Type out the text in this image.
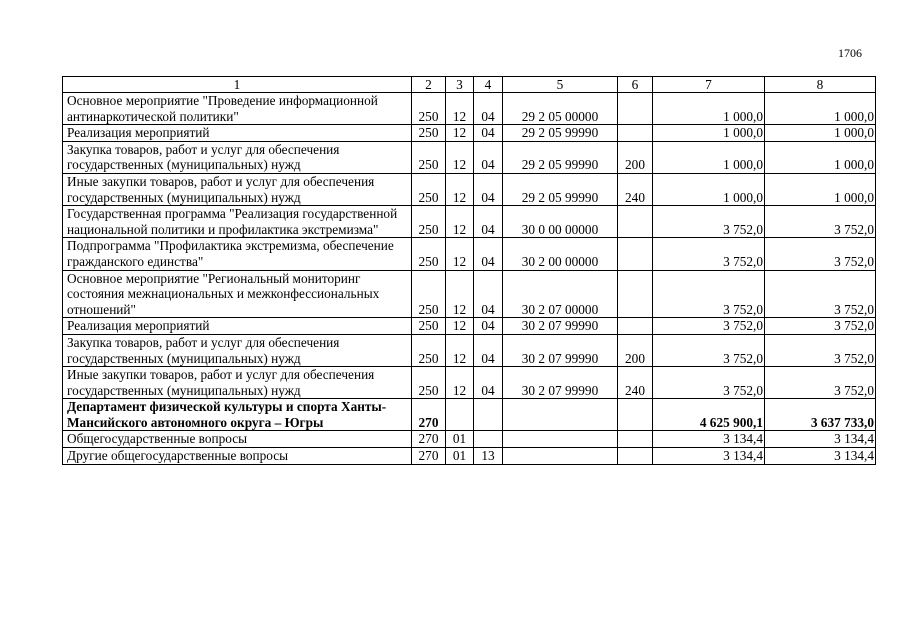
1706
1	2	3	4	5	6	7	8
Основное мероприятие "Проведение информационной антинаркотической политики"	250	12	04	29 2 05 00000		1 000,0	1 000,0
Реализация мероприятий	250	12	04	29 2 05 99990		1 000,0	1 000,0
Закупка товаров, работ и услуг для обеспечения государственных (муниципальных) нужд	250	12	04	29 2 05 99990	200	1 000,0	1 000,0
Иные закупки товаров, работ и услуг для обеспечения государственных (муниципальных) нужд	250	12	04	29 2 05 99990	240	1 000,0	1 000,0
Государственная программа "Реализация государственной национальной политики и профилактика экстремизма"	250	12	04	30 0 00 00000		3 752,0	3 752,0
Подпрограмма "Профилактика экстремизма, обеспечение гражданского единства"	250	12	04	30 2 00 00000		3 752,0	3 752,0
Основное мероприятие "Региональный мониторинг состояния межнациональных и межконфессиональных отношений"	250	12	04	30 2 07 00000		3 752,0	3 752,0
Реализация мероприятий	250	12	04	30 2 07 99990		3 752,0	3 752,0
Закупка товаров, работ и услуг для обеспечения государственных (муниципальных) нужд	250	12	04	30 2 07 99990	200	3 752,0	3 752,0
Иные закупки товаров, работ и услуг для обеспечения государственных (муниципальных) нужд	250	12	04	30 2 07 99990	240	3 752,0	3 752,0
Департамент физической культуры и спорта Ханты-Мансийского автономного округа – Югры	270					4 625 900,1	3 637 733,0
Общегосударственные вопросы	270	01				3 134,4	3 134,4
Другие общегосударственные вопросы	270	01	13			3 134,4	3 134,4
